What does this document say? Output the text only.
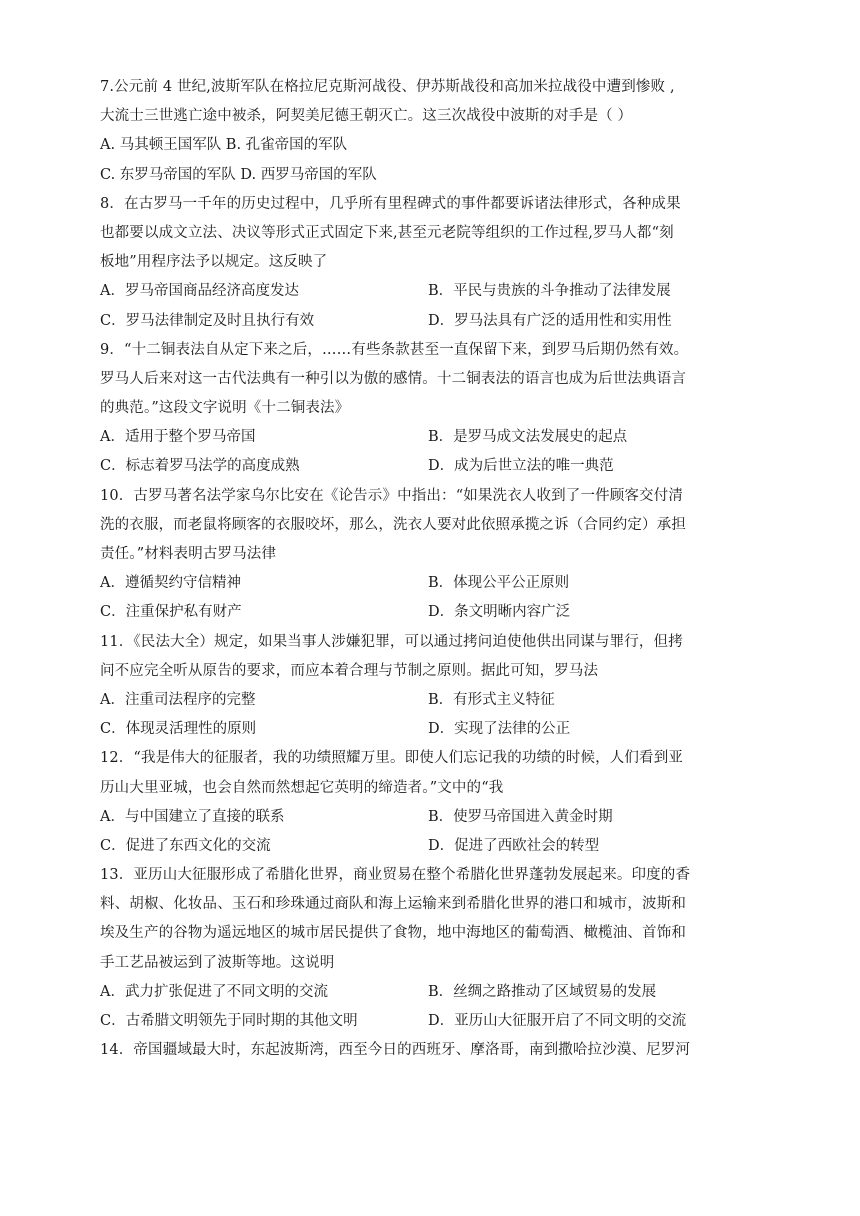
7.公元前 4 世纪,波斯军队在格拉尼克斯河战役、伊苏斯战役和高加米拉战役中遭到惨败 ,
大流士三世逃亡途中被杀，阿契美尼德王朝灭亡。这三次战役中波斯的对手是（ ）
A. 马其顿王国军队 B. 孔雀帝国的军队
C. 东罗马帝国的军队 D. 西罗马帝国的军队
8．在古罗马一千年的历史过程中，几乎所有里程碑式的事件都要诉诸法律形式，各种成果
也都要以成文立法、决议等形式正式固定下来,甚至元老院等组织的工作过程,罗马人都“刻
板地”用程序法予以规定。这反映了
A．罗马帝国商品经济高度发达	B．平民与贵族的斗争推动了法律发展
C．罗马法律制定及时且执行有效	D．罗马法具有广泛的适用性和实用性
9．“十二铜表法自从定下来之后，……有些条款甚至一直保留下来，到罗马后期仍然有效。
罗马人后来对这一古代法典有一种引以为傲的感情。十二铜表法的语言也成为后世法典语言
的典范。”这段文字说明《十二铜表法》
A．适用于整个罗马帝国	B．是罗马成文法发展史的起点
C．标志着罗马法学的高度成熟	D．成为后世立法的唯一典范
10．古罗马著名法学家乌尔比安在《论告示》中指出：“如果洗衣人收到了一件顾客交付清
洗的衣服，而老鼠将顾客的衣服咬坏，那么，洗衣人要对此依照承揽之诉（合同约定）承担
责任。”材料表明古罗马法律
A．遵循契约守信精神	B．体现公平公正原则
C．注重保护私有财产	D．条文明晰内容广泛
11．《民法大全）规定，如果当事人涉嫌犯罪，可以通过拷问迫使他供出同谋与罪行，但拷
问不应完全听从原告的要求，而应本着合理与节制之原则。据此可知，罗马法
A．注重司法程序的完整	B．有形式主义特征
C．体现灵活理性的原则	D．实现了法律的公正
12．“我是伟大的征服者，我的功绩照耀万里。即使人们忘记我的功绩的时候，人们看到亚
历山大里亚城，也会自然而然想起它英明的缔造者。”文中的“我
A．与中国建立了直接的联系	B．使罗马帝国进入黄金时期
C．促进了东西文化的交流	D．促进了西欧社会的转型
13．亚历山大征服形成了希腊化世界，商业贸易在整个希腊化世界蓬勃发展起来。印度的香
料、胡椒、化妆品、玉石和珍珠通过商队和海上运输来到希腊化世界的港口和城市，波斯和
埃及生产的谷物为遥远地区的城市居民提供了食物，地中海地区的葡萄酒、橄榄油、首饰和
手工艺品被运到了波斯等地。这说明
A．武力扩张促进了不同文明的交流	B．丝绸之路推动了区域贸易的发展
C．古希腊文明领先于同时期的其他文明	D．亚历山大征服开启了不同文明的交流
14．帝国疆域最大时，东起波斯湾，西至今日的西班牙、摩洛哥，南到撒哈拉沙漠、尼罗河
